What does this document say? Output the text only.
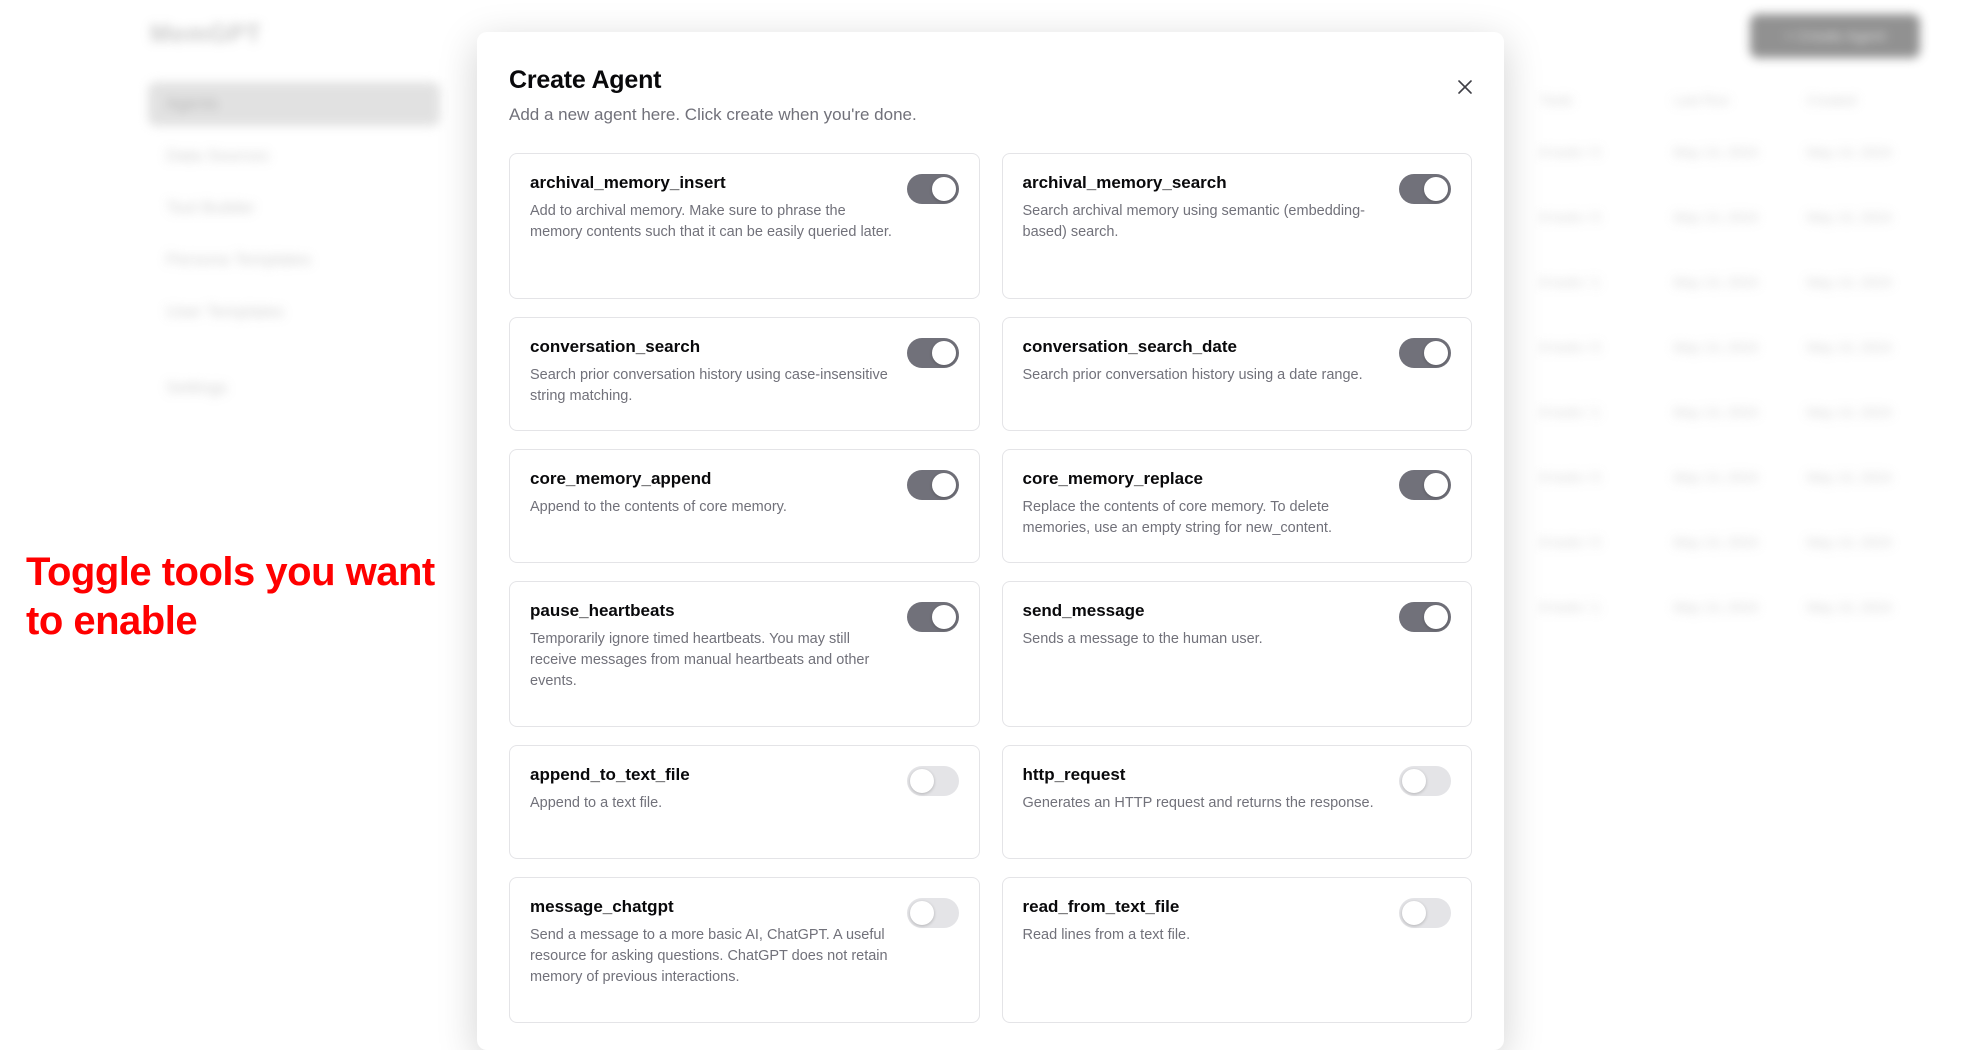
MemGPT	+ Create Agent
Agents
Data Sources
Tool Builder
Persona Templates
User Templates
Settings
Tools	Last Run	Created
8 tools / 0	May 13, 2024	May 13, 2024
8 tools / 0	May 13, 2024	May 13, 2024
8 tools / 1	May 13, 2024	May 13, 2024
8 tools / 0	May 13, 2024	May 13, 2024
8 tools / 1	May 13, 2024	May 13, 2024
8 tools / 0	May 13, 2024	May 13, 2024
8 tools / 0	May 13, 2024	May 13, 2024
8 tools / 1	May 13, 2024	May 13, 2024
Toggle tools you want to enable
Create Agent

Add a new agent here. Click create when you're done.

archival_memory_insert
Add to archival memory. Make sure to phrase the memory contents such that it can be easily queried later.
archival_memory_search
Search archival memory using semantic (embedding-based) search.
conversation_search
Search prior conversation history using case-insensitive string matching.
conversation_search_date
Search prior conversation history using a date range.
core_memory_append
Append to the contents of core memory.
core_memory_replace
Replace the contents of core memory. To delete memories, use an empty string for new_content.
pause_heartbeats
Temporarily ignore timed heartbeats. You may still receive messages from manual heartbeats and other events.
send_message
Sends a message to the human user.
append_to_text_file
Append to a text file.
http_request
Generates an HTTP request and returns the response.
message_chatgpt
Send a message to a more basic AI, ChatGPT. A useful resource for asking questions. ChatGPT does not retain memory of previous interactions.
read_from_text_file
Read lines from a text file.
